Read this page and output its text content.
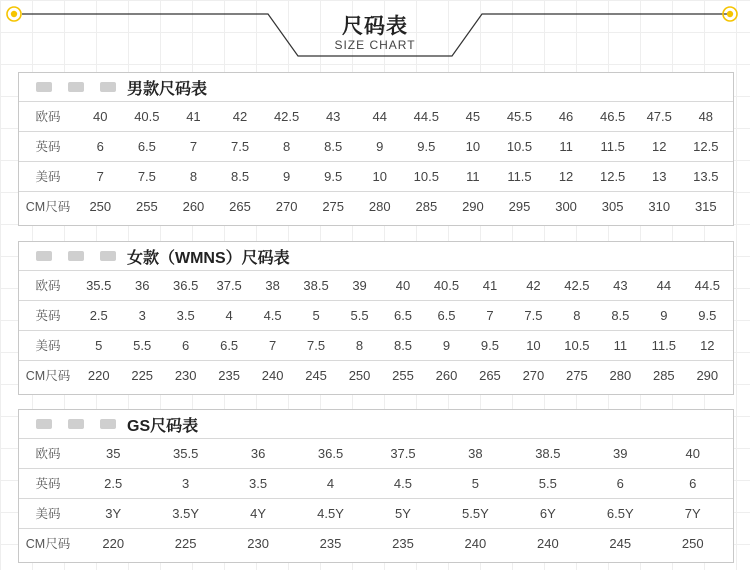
尺码表
SIZE CHART
男款尺码表
欧码	40	40.5	41	42	42.5	43	44	44.5	45	45.5	46	46.5	47.5	48
英码	6	6.5	7	7.5	8	8.5	9	9.5	10	10.5	11	11.5	12	12.5
美码	7	7.5	8	8.5	9	9.5	10	10.5	11	11.5	12	12.5	13	13.5
CM尺码	250	255	260	265	270	275	280	285	290	295	300	305	310	315
女款（WMNS）尺码表
欧码	35.5	36	36.5	37.5	38	38.5	39	40	40.5	41	42	42.5	43	44	44.5
英码	2.5	3	3.5	4	4.5	5	5.5	6.5	6.5	7	7.5	8	8.5	9	9.5
美码	5	5.5	6	6.5	7	7.5	8	8.5	9	9.5	10	10.5	11	11.5	12
CM尺码	220	225	230	235	240	245	250	255	260	265	270	275	280	285	290
GS尺码表
欧码	35	35.5	36	36.5	37.5	38	38.5	39	40
英码	2.5	3	3.5	4	4.5	5	5.5	6	6
美码	3Y	3.5Y	4Y	4.5Y	5Y	5.5Y	6Y	6.5Y	7Y
CM尺码	220	225	230	235	235	240	240	245	250
